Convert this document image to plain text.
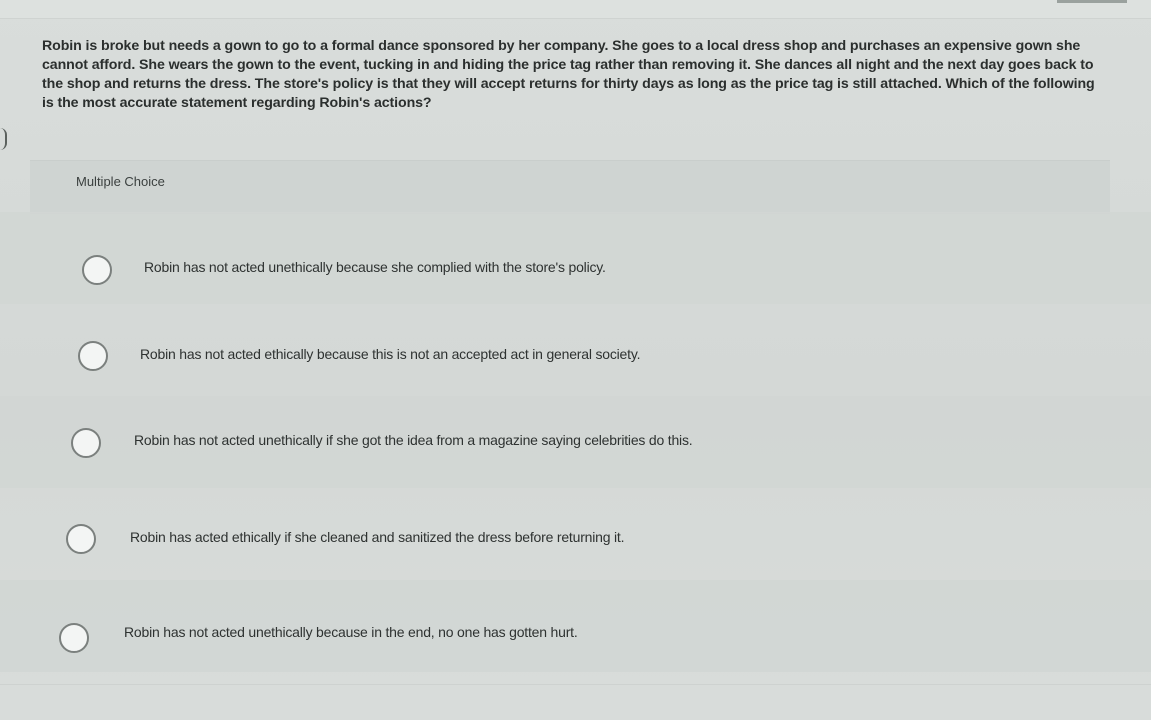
Robin is broke but needs a gown to go to a formal dance sponsored by her company. She goes to a local dress shop and purchases an expensive gown she cannot afford. She wears the gown to the event, tucking in and hiding the price tag rather than removing it. She dances all night and the next day goes back to the shop and returns the dress. The store's policy is that they will accept returns for thirty days as long as the price tag is still attached. Which of the following is the most accurate statement regarding Robin's actions?
Multiple Choice
Robin has not acted unethically because she complied with the store's policy.
Robin has not acted ethically because this is not an accepted act in general society.
Robin has not acted unethically if she got the idea from a magazine saying celebrities do this.
Robin has acted ethically if she cleaned and sanitized the dress before returning it.
Robin has not acted unethically because in the end, no one has gotten hurt.
